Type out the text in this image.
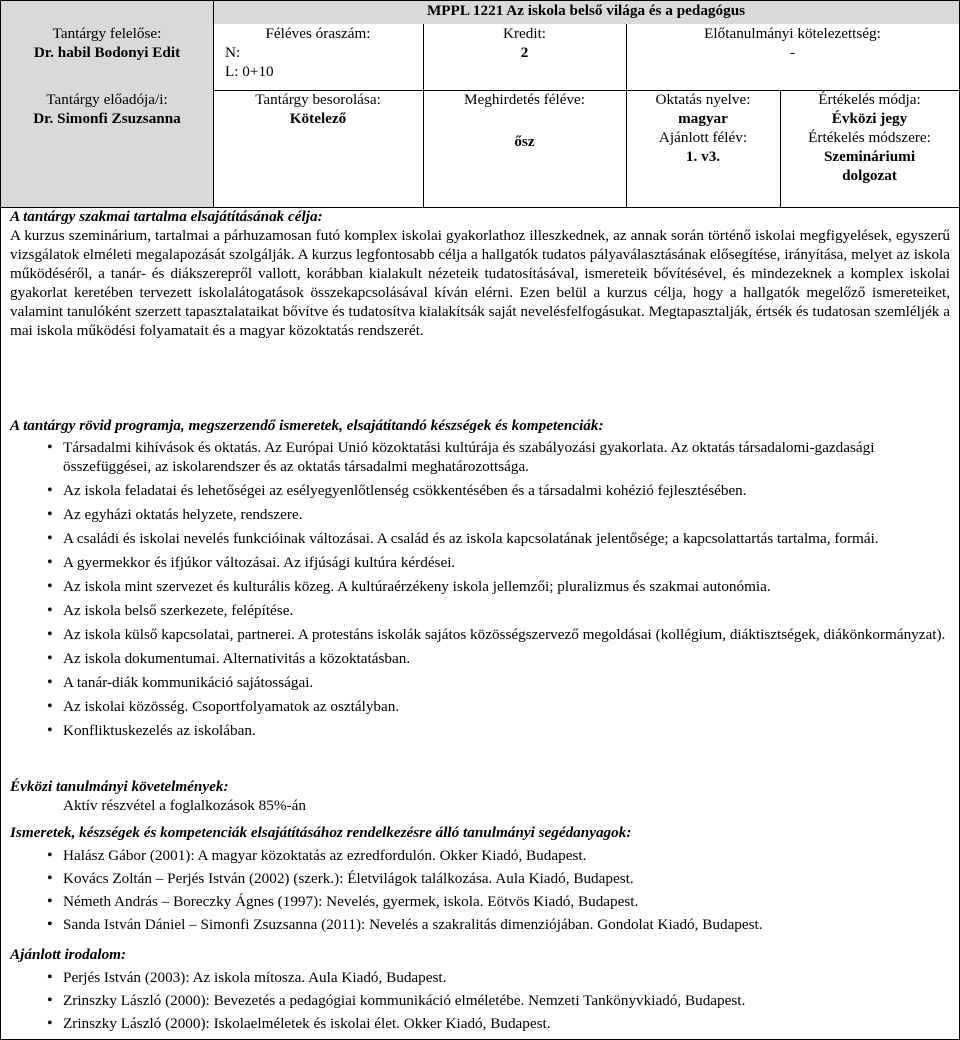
MPPL 1221 Az iskola belső világa és a pedagógus
Tantárgy felelőse:
Dr. habil Bodonyi Edit
Féléves óraszám:
N:
L: 0+10
Kredit:
2
Előtanulmányi kötelezettség:
-
Tantárgy előadója/i:
Dr. Simonfi Zsuzsanna
Tantárgy besorolása:
Kötelező
Meghirdetés féléve:
ősz
Oktatás nyelve:
magyar
Ajánlott félév:
1. v3.
Értékelés módja:
Évközi jegy
Értékelés módszere:
Szemináriumi
dolgozat
A tantárgy szakmai tartalma elsajátításának célja:
A kurzus szeminárium, tartalmai a párhuzamosan futó komplex iskolai gyakorlathoz illeszkednek, az annak során történő iskolai megfigyelések, egyszerű vizsgálatok elméleti megalapozását szolgálják. A kurzus legfontosabb célja a hallgatók tudatos pályaválasztásának elősegítése, irányítása, melyet az iskola működéséről, a tanár- és diákszerepről vallott, korábban kialakult nézeteik tudatosításával, ismereteik bővítésével, és mindezeknek a komplex iskolai gyakorlat keretében tervezett iskolalátogatások összekapcsolásával kíván elérni. Ezen belül a kurzus célja, hogy a hallgatók megelőző ismereteiket, valamint tanulóként szerzett tapasztalataikat bővítve és tudatosítva kialakítsák saját nevelésfelfogásukat. Megtapasztalják, értsék és tudatosan szemléljék a mai iskola működési folyamatait és a magyar közoktatás rendszerét.
A tantárgy rövid programja, megszerzendő ismeretek, elsajátítandó készségek és kompetenciák:
• Társadalmi kihívások és oktatás. Az Európai Unió közoktatási kultúrája és szabályozási gyakorlata. Az oktatás társadalomi-gazdasági összefüggései, az iskolarendszer és az oktatás társadalmi meghatározottsága.
• Az iskola feladatai és lehetőségei az esélyegyenlőtlenség csökkentésében és a társadalmi kohézió fejlesztésében.
• Az egyházi oktatás helyzete, rendszere.
• A családi és iskolai nevelés funkcióinak változásai. A család és az iskola kapcsolatának jelentősége; a kapcsolattartás tartalma, formái.
• A gyermekkor és ifjúkor változásai. Az ifjúsági kultúra kérdései.
• Az iskola mint szervezet és kulturális közeg. A kultúraérzékeny iskola jellemzői; pluralizmus és szakmai autonómia.
• Az iskola belső szerkezete, felépítése.
• Az iskola külső kapcsolatai, partnerei. A protestáns iskolák sajátos közösségszervező megoldásai (kollégium, diáktisztségek, diákönkormányzat).
• Az iskola dokumentumai. Alternativitás a közoktatásban.
• A tanár-diák kommunikáció sajátosságai.
• Az iskolai közösség. Csoportfolyamatok az osztályban.
• Konfliktuskezelés az iskolában.
Évközi tanulmányi követelmények:
Aktív részvétel a foglalkozások 85%-án
Ismeretek, készségek és kompetenciák elsajátításához rendelkezésre álló tanulmányi segédanyagok:
• Halász Gábor (2001): A magyar közoktatás az ezredfordulón. Okker Kiadó, Budapest.
• Kovács Zoltán – Perjés István (2002) (szerk.): Életvilágok találkozása. Aula Kiadó, Budapest.
• Németh András – Boreczky Ágnes (1997): Nevelés, gyermek, iskola. Eötvös Kiadó, Budapest.
• Sanda István Dániel – Simonfi Zsuzsanna (2011): Nevelés a szakralitás dimenziójában. Gondolat Kiadó, Budapest.
Ajánlott irodalom:
• Perjés István (2003): Az iskola mítosza. Aula Kiadó, Budapest.
• Zrinszky László (2000): Bevezetés a pedagógiai kommunikáció elméletébe. Nemzeti Tankönyvkiadó, Budapest.
• Zrinszky László (2000): Iskolaelméletek és iskolai élet. Okker Kiadó, Budapest.
